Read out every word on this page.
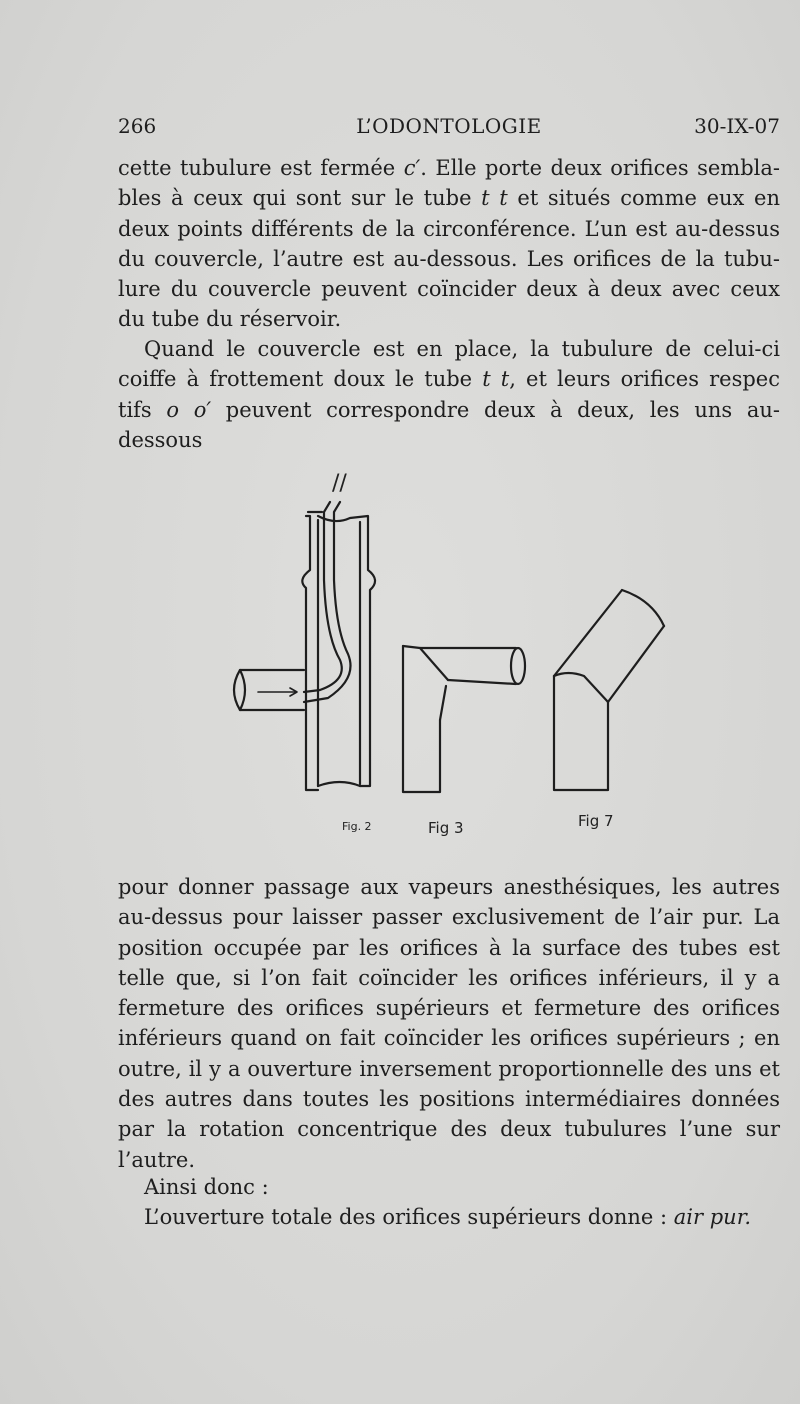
266	L’ODONTOLOGIE	30-IX-07

cette tubulure est fermée c′. Elle porte deux orifices sembla-bles à ceux qui sont sur le tube t t et situés comme eux en deux points différents de la circonférence. L’un est au-dessus du couvercle, l’autre est au-dessous. Les orifices de la tubu-lure du couvercle peuvent coïncider deux à deux avec ceux du tube du réservoir.

Quand le couvercle est en place, la tubulure de celui-ci coiffe à frottement doux le tube t t, et leurs orifices respec tifs o o′ peuvent correspondre deux à deux, les uns au-dessous

//
Fig. 2	Fig 3	Fig 7

pour donner passage aux vapeurs anesthésiques, les autres au-dessus pour laisser passer exclusivement de l’air pur. La position occupée par les orifices à la surface des tubes est telle que, si l’on fait coïncider les orifices inférieurs, il y a fermeture des orifices supérieurs et fermeture des orifices inférieurs quand on fait coïncider les orifices supérieurs ; en outre, il y a ouverture inversement proportionnelle des uns et des autres dans toutes les positions intermédiaires données par la rotation concentrique des deux tubulures l’une sur l’autre.

Ainsi donc :

L’ouverture totale des orifices supérieurs donne : air pur.
